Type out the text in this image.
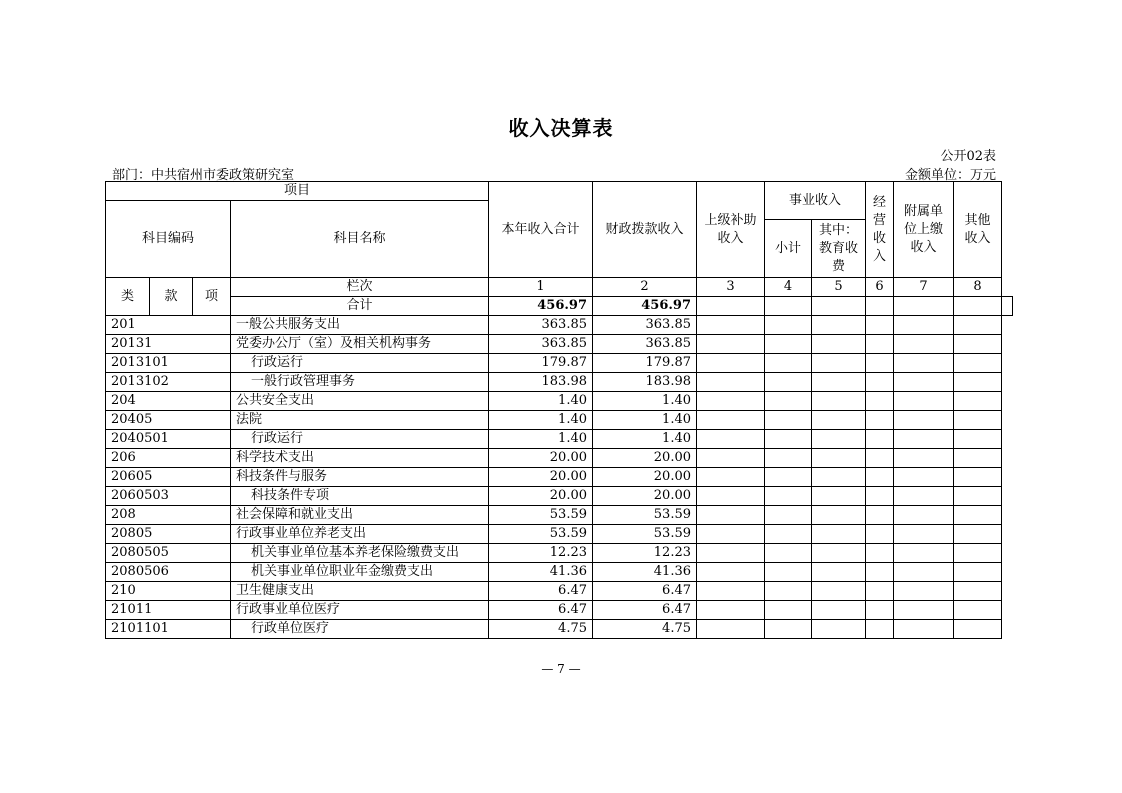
收入决算表
公开02表
部门：中共宿州市委政策研究室	金额单位：万元
项目				本年收入合计	财政拨款收入	上级补助收入	事业收入		经营收入	附属单位上缴收入	其他收入	
科目编码			科目名称									
							小计	其中：教育收费				
类	款	项	栏次	1	2	3	4	5	6	7	8	
			合计	456.97	456.97							
201			一般公共服务支出	363.85	363.85							
20131			党委办公厅（室）及相关机构事务	363.85	363.85							
2013101			行政运行	179.87	179.87							
2013102			一般行政管理事务	183.98	183.98							
204			公共安全支出	1.40	1.40							
20405			法院	1.40	1.40							
2040501			行政运行	1.40	1.40							
206			科学技术支出	20.00	20.00							
20605			科技条件与服务	20.00	20.00							
2060503			科技条件专项	20.00	20.00							
208			社会保障和就业支出	53.59	53.59							
20805			行政事业单位养老支出	53.59	53.59							
2080505			机关事业单位基本养老保险缴费支出	12.23	12.23							
2080506			机关事业单位职业年金缴费支出	41.36	41.36							
210			卫生健康支出	6.47	6.47							
21011			行政事业单位医疗	6.47	6.47							
2101101			行政单位医疗	4.75	4.75							
— 7 —
